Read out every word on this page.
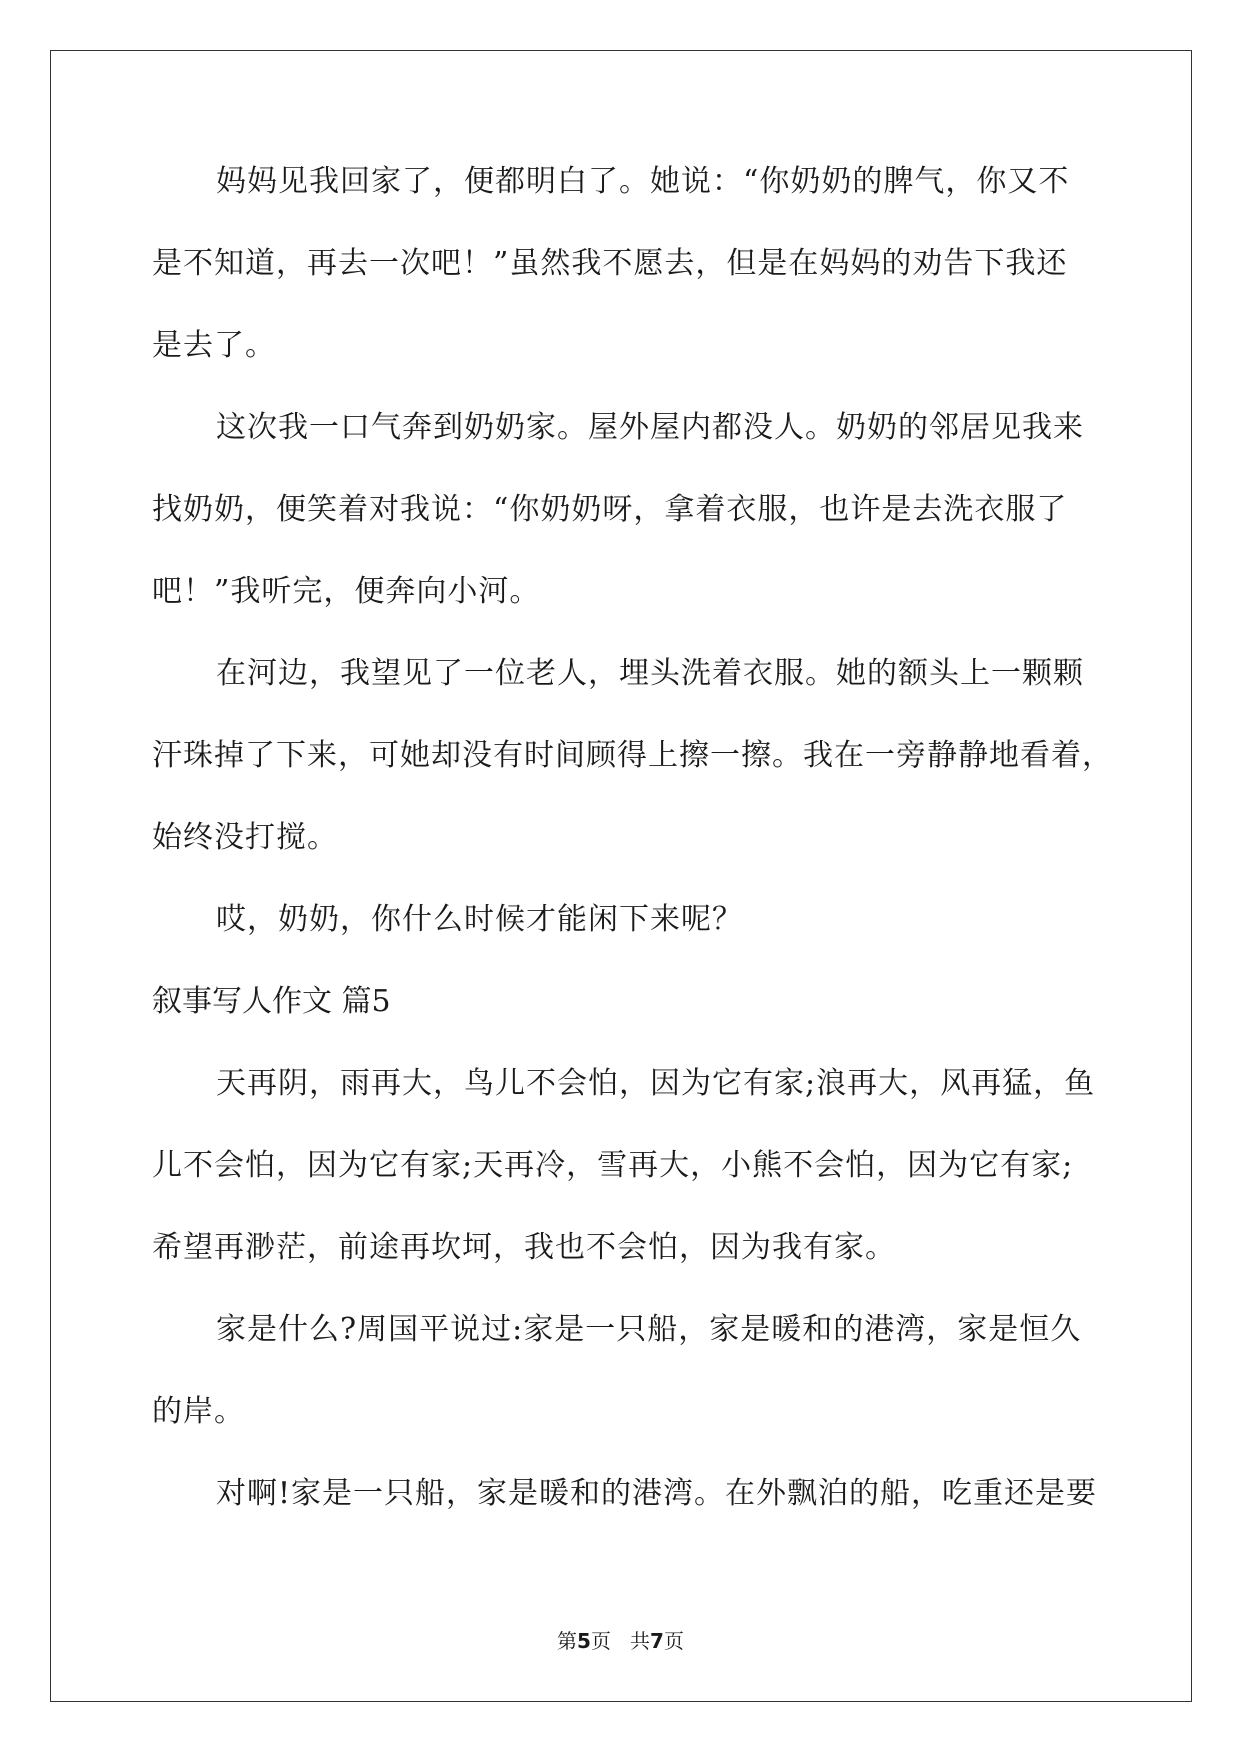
妈妈见我回家了，便都明白了。她说：“你奶奶的脾气，你又不
是不知道，再去一次吧！”虽然我不愿去，但是在妈妈的劝告下我还
是去了。
这次我一口气奔到奶奶家。屋外屋内都没人。奶奶的邻居见我来
找奶奶，便笑着对我说：“你奶奶呀，拿着衣服，也许是去洗衣服了
吧！”我听完，便奔向小河。
在河边，我望见了一位老人，埋头洗着衣服。她的额头上一颗颗
汗珠掉了下来，可她却没有时间顾得上擦一擦。我在一旁静静地看着，
始终没打搅。
哎，奶奶，你什么时候才能闲下来呢？
叙事写人作文 篇5
天再阴，雨再大，鸟儿不会怕，因为它有家;浪再大，风再猛，鱼
儿不会怕，因为它有家;天再冷，雪再大，小熊不会怕，因为它有家;
希望再渺茫，前途再坎坷，我也不会怕，因为我有家。
家是什么?周国平说过:家是一只船，家是暖和的港湾，家是恒久
的岸。
对啊!家是一只船，家是暖和的港湾。在外飘泊的船，吃重还是要
第5页   共7页
